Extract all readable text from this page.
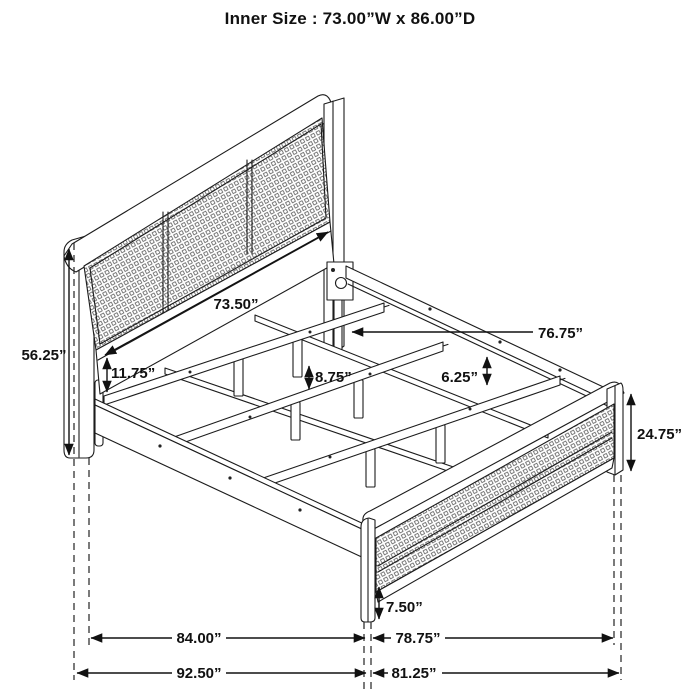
73.50”
56.25”
11.75”
76.75”
8.75”	6.25”
24.75”
7.50”
84.00”	78.75”
92.50”	81.25”
Inner Size : 73.00”W x 86.00”D
